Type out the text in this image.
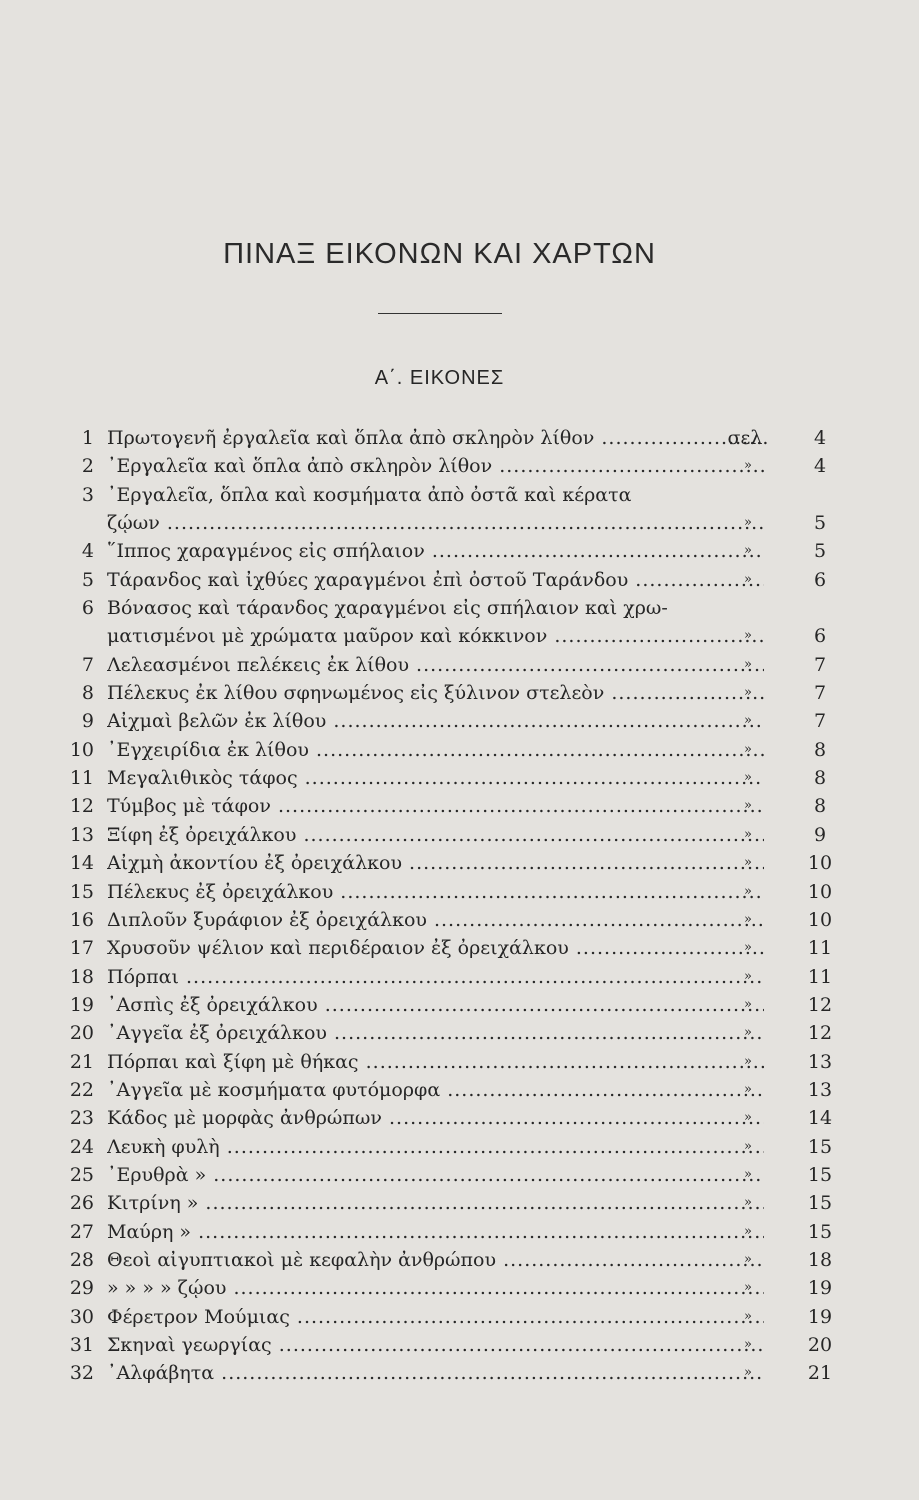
ΠΙΝΑΞ ΕΙΚΟΝΩΝ ΚΑΙ ΧΑΡΤΩΝ
Α΄. ΕΙΚΟΝΕΣ
1 Πρωτογενῆ ἐργαλεῖα καὶ ὅπλα ἀπὸ σκληρὸν λίθον .....	σελ.	4
2 ᾿Εργαλεῖα καὶ ὅπλα ἀπὸ σκληρὸν λίθον .....	»	4
3 ᾿Εργαλεῖα, ὅπλα καὶ κοσμήματα ἀπὸ ὀστᾶ καὶ κέρατα
ζῴων .....	»	5
4 ῞Ιππος χαραγμένος εἰς σπήλαιον .....	»	5
5 Τάρανδος καὶ ἰχθύες χαραγμένοι ἐπὶ ὀστοῦ Ταράνδου .....	»	6
6 Βόνασος καὶ τάρανδος χαραγμένοι εἰς σπήλαιον καὶ χρω-
ματισμένοι μὲ χρώματα μαῦρον καὶ κόκκινον .....	»	6
7 Λελεασμένοι πελέκεις ἐκ λίθου .....	»	7
8 Πέλεκυς ἐκ λίθου σφηνωμένος εἰς ξύλινον στελεὸν .....	»	7
9 Αἰχμαὶ βελῶν ἐκ λίθου .....	»	7
10 ᾿Εγχειρίδια ἐκ λίθου .....	»	8
11 Μεγαλιθικὸς τάφος .....	»	8
12 Τύμβος μὲ τάφον .....	»	8
13 Ξίφη ἐξ ὀρειχάλκου .....	»	9
14 Αἰχμὴ ἀκοντίου ἐξ ὀρειχάλκου .....	»	10
15 Πέλεκυς ἐξ ὀρειχάλκου .....	»	10
16 Διπλοῦν ξυράφιον ἐξ ὀρειχάλκου .....	»	10
17 Χρυσοῦν ψέλιον καὶ περιδέραιον ἐξ ὀρειχάλκου .....	»	11
18 Πόρπαι .....	»	11
19 ᾿Ασπὶς ἐξ ὀρειχάλκου .....	»	12
20 ᾿Αγγεῖα ἐξ ὀρειχάλκου .....	»	12
21 Πόρπαι καὶ ξίφη μὲ θήκας .....	»	13
22 ᾿Αγγεῖα μὲ κοσμήματα φυτόμορφα .....	»	13
23 Κάδος μὲ μορφὰς ἀνθρώπων .....	»	14
24 Λευκὴ φυλὴ .....	»	15
25 ᾿Ερυθρὰ » .....	»	15
26 Κιτρίνη » .....	»	15
27 Μαύρη » .....	»	15
28 Θεοὶ αἰγυπτιακοὶ μὲ κεφαλὴν ἀνθρώπου .....	»	18
29 » » » » ζῴου .....	»	19
30 Φέρετρον Μούμιας .....	»	19
31 Σκηναὶ γεωργίας .....	»	20
32 ᾿Αλφάβητα .....	»	21
